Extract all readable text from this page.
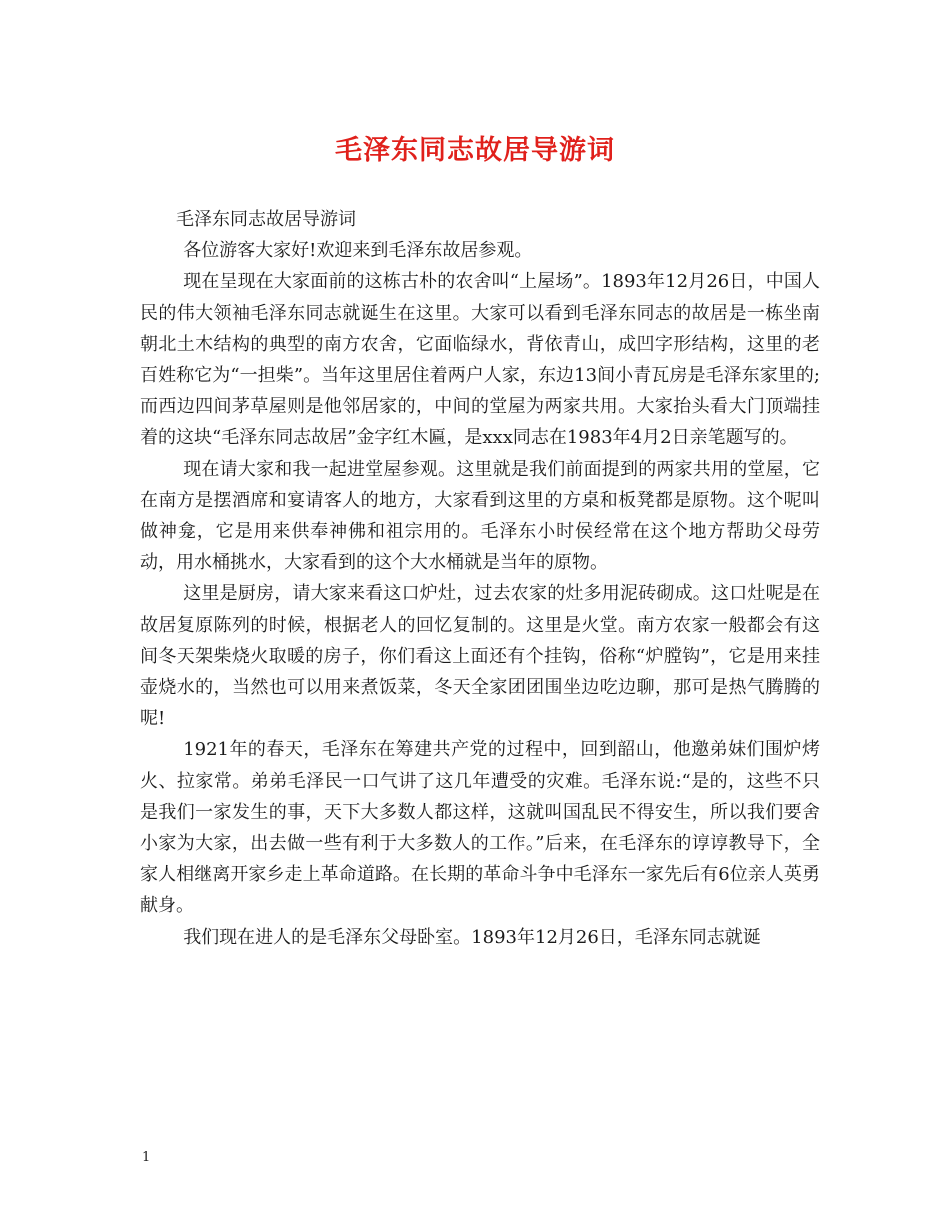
毛泽东同志故居导游词

毛泽东同志故居导游词

各位游客大家好!欢迎来到毛泽东故居参观。

现在呈现在大家面前的这栋古朴的农舍叫“上屋场”。1893年12月26日，中国人民的伟大领袖毛泽东同志就诞生在这里。大家可以看到毛泽东同志的故居是一栋坐南朝北土木结构的典型的南方农舍，它面临绿水，背依青山，成凹字形结构，这里的老百姓称它为“一担柴”。当年这里居住着两户人家，东边13间小青瓦房是毛泽东家里的;而西边四间茅草屋则是他邻居家的，中间的堂屋为两家共用。大家抬头看大门顶端挂着的这块“毛泽东同志故居”金字红木匾，是xxx同志在1983年4月2日亲笔题写的。

现在请大家和我一起进堂屋参观。这里就是我们前面提到的两家共用的堂屋，它在南方是摆酒席和宴请客人的地方，大家看到这里的方桌和板凳都是原物。这个呢叫做神龛，它是用来供奉神佛和祖宗用的。毛泽东小时侯经常在这个地方帮助父母劳动，用水桶挑水，大家看到的这个大水桶就是当年的原物。

这里是厨房，请大家来看这口炉灶，过去农家的灶多用泥砖砌成。这口灶呢是在故居复原陈列的时候，根据老人的回忆复制的。这里是火堂。南方农家一般都会有这间冬天架柴烧火取暖的房子，你们看这上面还有个挂钩，俗称“炉膛钩”，它是用来挂壶烧水的，当然也可以用来煮饭菜，冬天全家团团围坐边吃边聊，那可是热气腾腾的呢!

1921年的春天，毛泽东在筹建共产党的过程中，回到韶山，他邀弟妹们围炉烤火、拉家常。弟弟毛泽民一口气讲了这几年遭受的灾难。毛泽东说:“是的，这些不只是我们一家发生的事，天下大多数人都这样，这就叫国乱民不得安生，所以我们要舍小家为大家，出去做一些有利于大多数人的工作。”后来，在毛泽东的谆谆教导下，全家人相继离开家乡走上革命道路。在长期的革命斗争中毛泽东一家先后有6位亲人英勇献身。

我们现在进人的是毛泽东父母卧室。1893年12月26日，毛泽东同志就诞

1
